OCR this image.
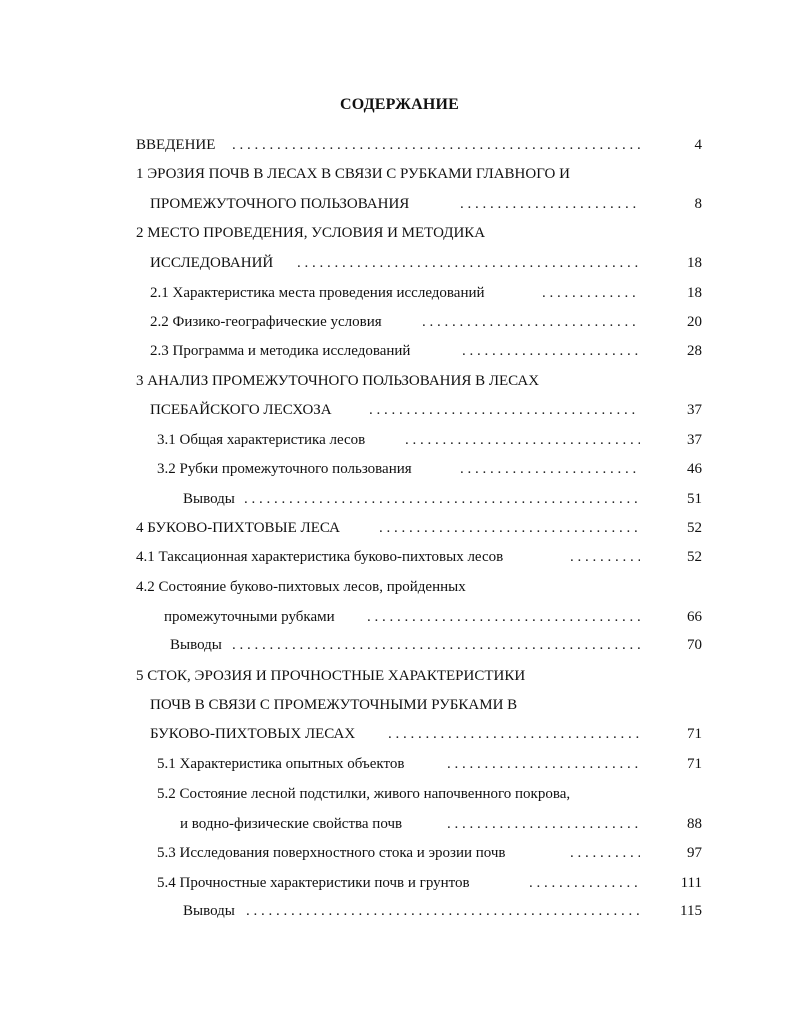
СОДЕРЖАНИЕ
ВВЕДЕНИЕ . . .	4
1 ЭРОЗИЯ ПОЧВ В ЛЕСАХ В СВЯЗИ С РУБКАМИ ГЛАВНОГО И
ПРОМЕЖУТОЧНОГО ПОЛЬЗОВАНИЯ . . .	8
2 МЕСТО ПРОВЕДЕНИЯ, УСЛОВИЯ И МЕТОДИКА
ИССЛЕДОВАНИЙ . . .	18
2.1 Характеристика места проведения исследований . . .	18
2.2 Физико-географические условия . . .	20
2.3 Программа и методика исследований . . .	28
3 АНАЛИЗ ПРОМЕЖУТОЧНОГО ПОЛЬЗОВАНИЯ В ЛЕСАХ
ПСЕБАЙСКОГО ЛЕСХОЗА . . .	37
3.1 Общая характеристика лесов . . .	37
3.2 Рубки промежуточного пользования . . .	46
Выводы . . .	51
4 БУКОВО-ПИХТОВЫЕ ЛЕСА . . .	52
4.1 Таксационная характеристика буково-пихтовых лесов . . .	52
4.2 Состояние буково-пихтовых лесов, пройденных
промежуточными рубками . . .	66
Выводы . . .	70
5 СТОК, ЭРОЗИЯ И ПРОЧНОСТНЫЕ ХАРАКТЕРИСТИКИ
ПОЧВ В СВЯЗИ С ПРОМЕЖУТОЧНЫМИ РУБКАМИ В
БУКОВО-ПИХТОВЫХ ЛЕСАХ . . .	71
5.1 Характеристика опытных объектов . . .	71
5.2 Состояние лесной подстилки, живого напочвенного покрова,
и водно-физические свойства почв . . .	88
5.3 Исследования поверхностного стока и эрозии почв . . .	97
5.4 Прочностные характеристики почв и грунтов . . .	111
Выводы . . .	115
